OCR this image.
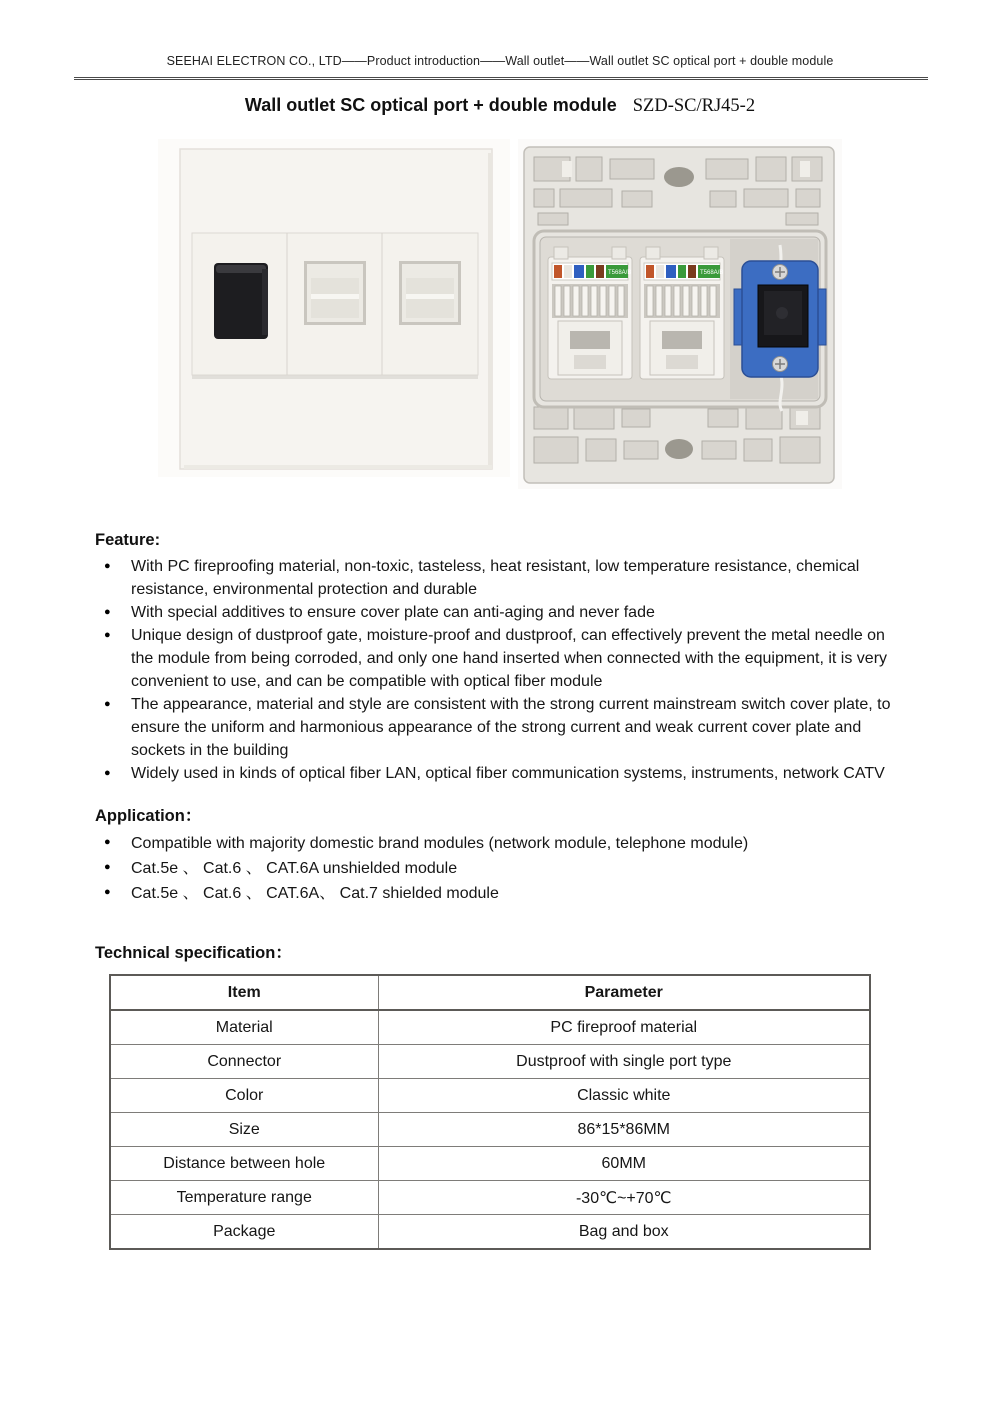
SEEHAI ELECTRON CO., LTD——Product introduction——Wall outlet——Wall outlet SC optical port + double module
Wall outlet SC optical port + double module SZD-SC/RJ45-2
T568A/B	T568A/B

Feature:

●	With PC fireproofing material, non-toxic, tasteless, heat resistant, low temperature resistance, chemical resistance, environmental protection and durable
●	With special additives to ensure cover plate can anti-aging and never fade
●	Unique design of dustproof gate, moisture-proof and dustproof, can effectively prevent the metal needle on the module from being corroded, and only one hand inserted when connected with the equipment, it is very convenient to use, and can be compatible with optical fiber module
●	The appearance, material and style are consistent with the strong current mainstream switch cover plate, to ensure the uniform and harmonious appearance of the strong current and weak current cover plate and sockets in the building
●	Widely used in kinds of optical fiber LAN, optical fiber communication systems, instruments, network CATV

Application：

●	Compatible with majority domestic brand modules (network module, telephone module)
●	Cat.5e 、 Cat.6 、 CAT.6A unshielded module
●	Cat.5e 、 Cat.6 、 CAT.6A、 Cat.7 shielded module

Technical specification：

Item	Parameter
Material	PC fireproof material
Connector	Dustproof with single port type
Color	Classic white
Size	86*15*86MM
Distance between hole	60MM
Temperature range	-30℃~+70℃
Package	Bag and box
